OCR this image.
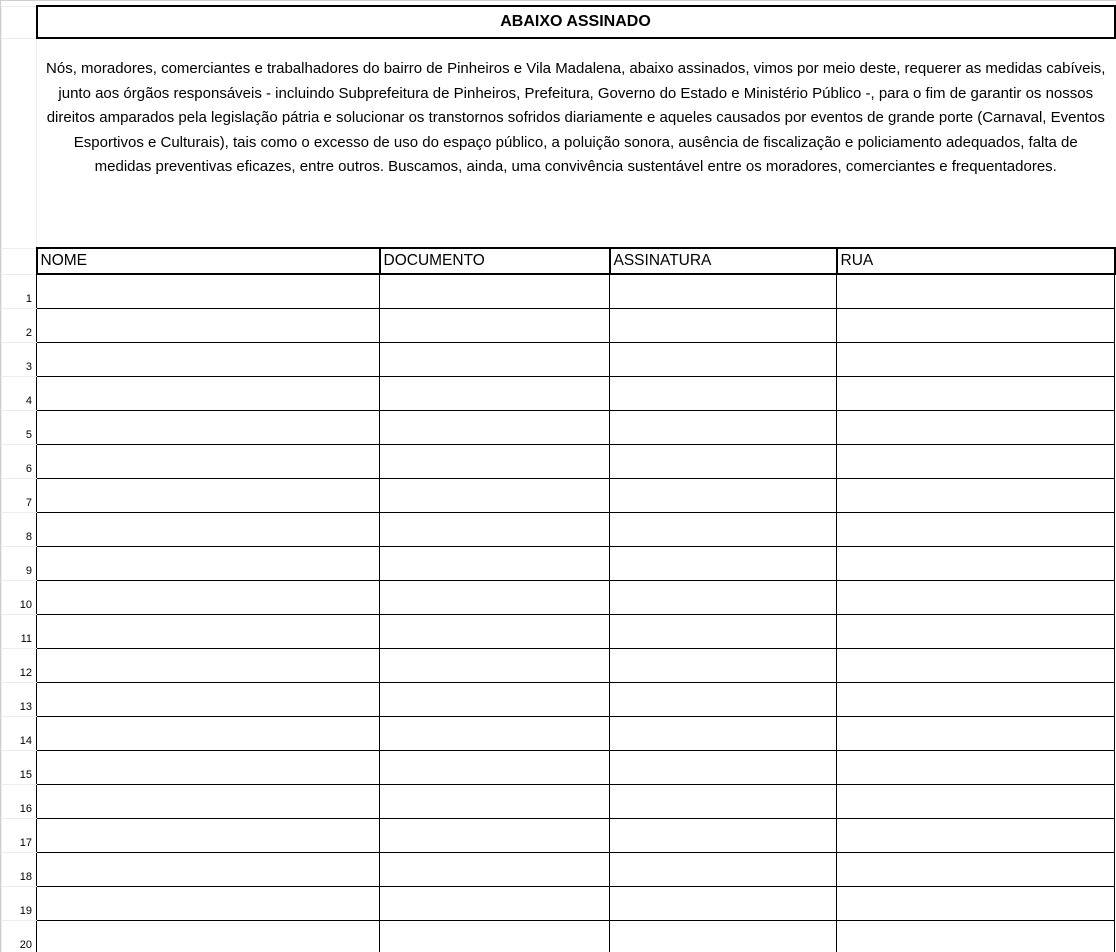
	ABAIXO ASSINADO			
	Nós, moradores, comerciantes e trabalhadores do bairro de Pinheiros e Vila Madalena, abaixo assinados, vimos por meio deste, requerer as medidas cabíveis, junto aos órgãos responsáveis - incluindo Subprefeitura de Pinheiros, Prefeitura, Governo do Estado e Ministério Público -, para o fim de garantir os nossos direitos amparados pela legislação pátria e solucionar os transtornos sofridos diariamente e aqueles causados por eventos de grande porte (Carnaval, Eventos Esportivos e Culturais), tais como o excesso de uso do espaço público, a poluição sonora, ausência de fiscalização e policiamento adequados, falta de medidas preventivas eficazes, entre outros. Buscamos, ainda, uma convivência sustentável entre os moradores, comerciantes e frequentadores.			
	NOME	DOCUMENTO	ASSINATURA	RUA
1				
2				
3				
4				
5				
6				
7				
8				
9				
10				
11				
12				
13				
14				
15				
16				
17				
18				
19				
20				
